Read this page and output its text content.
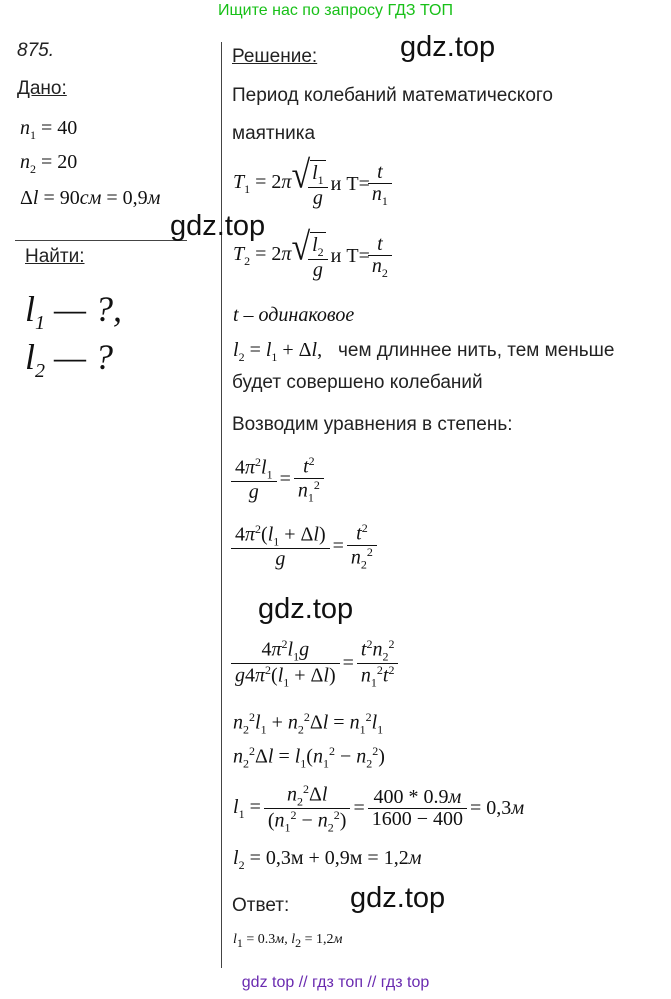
Ищите нас по запросу ГДЗ ТОП
875.
Дано:
$n_1 = 40$
$n_2 = 20$
Δl = 90см = 0,9м
gdz.top
Найти:
$l_1$ — ?,
$l_2$ — ?
Решение:	gdz.top
Период колебаний математического
маятника
$T_1 = 2\pi$ √ $\frac{l_1}{g}$ и $T= \frac{t}{n_1}$
$T_2 = 2\pi$ √ $\frac{l_2}{g}$ и $T= \frac{t}{n_2}$
t – одинаковое
$l_2 = l_1 + \Delta l$, чем длиннее нить, тем меньше
будет совершено колебаний
Возводим уравнения в степень:
$\frac{4\pi^2l_1}{g} = \frac{t^2}{n_1^2}$
$\frac{4\pi^2(l_1 + \Delta l)}{g} = \frac{t^2}{n_2^2}$
gdz.top
$\frac{4\pi^2l_1g}{g4\pi^2(l_1 + \Delta l)} = \frac{t^2n_2^2}{n_1^2t^2}$
$n_2^2l_1 + n_2^2\Delta l = n_1^2l_1$
$n_2^2\Delta l = l_1(n_1^2 - n_2^2)$
$l_1 = \frac{n_2^2\Delta l}{(n_1^2 - n_2^2)} = \frac{400 * 0.9м}{1600 - 400} = 0,3м$
$l_2 = 0,3м + 0,9м = 1,2м$
Ответ: gdz.top
$l_1 = 0.3м$, $l_2 = 1,2м$
gdz top // гдз топ // гдз top
